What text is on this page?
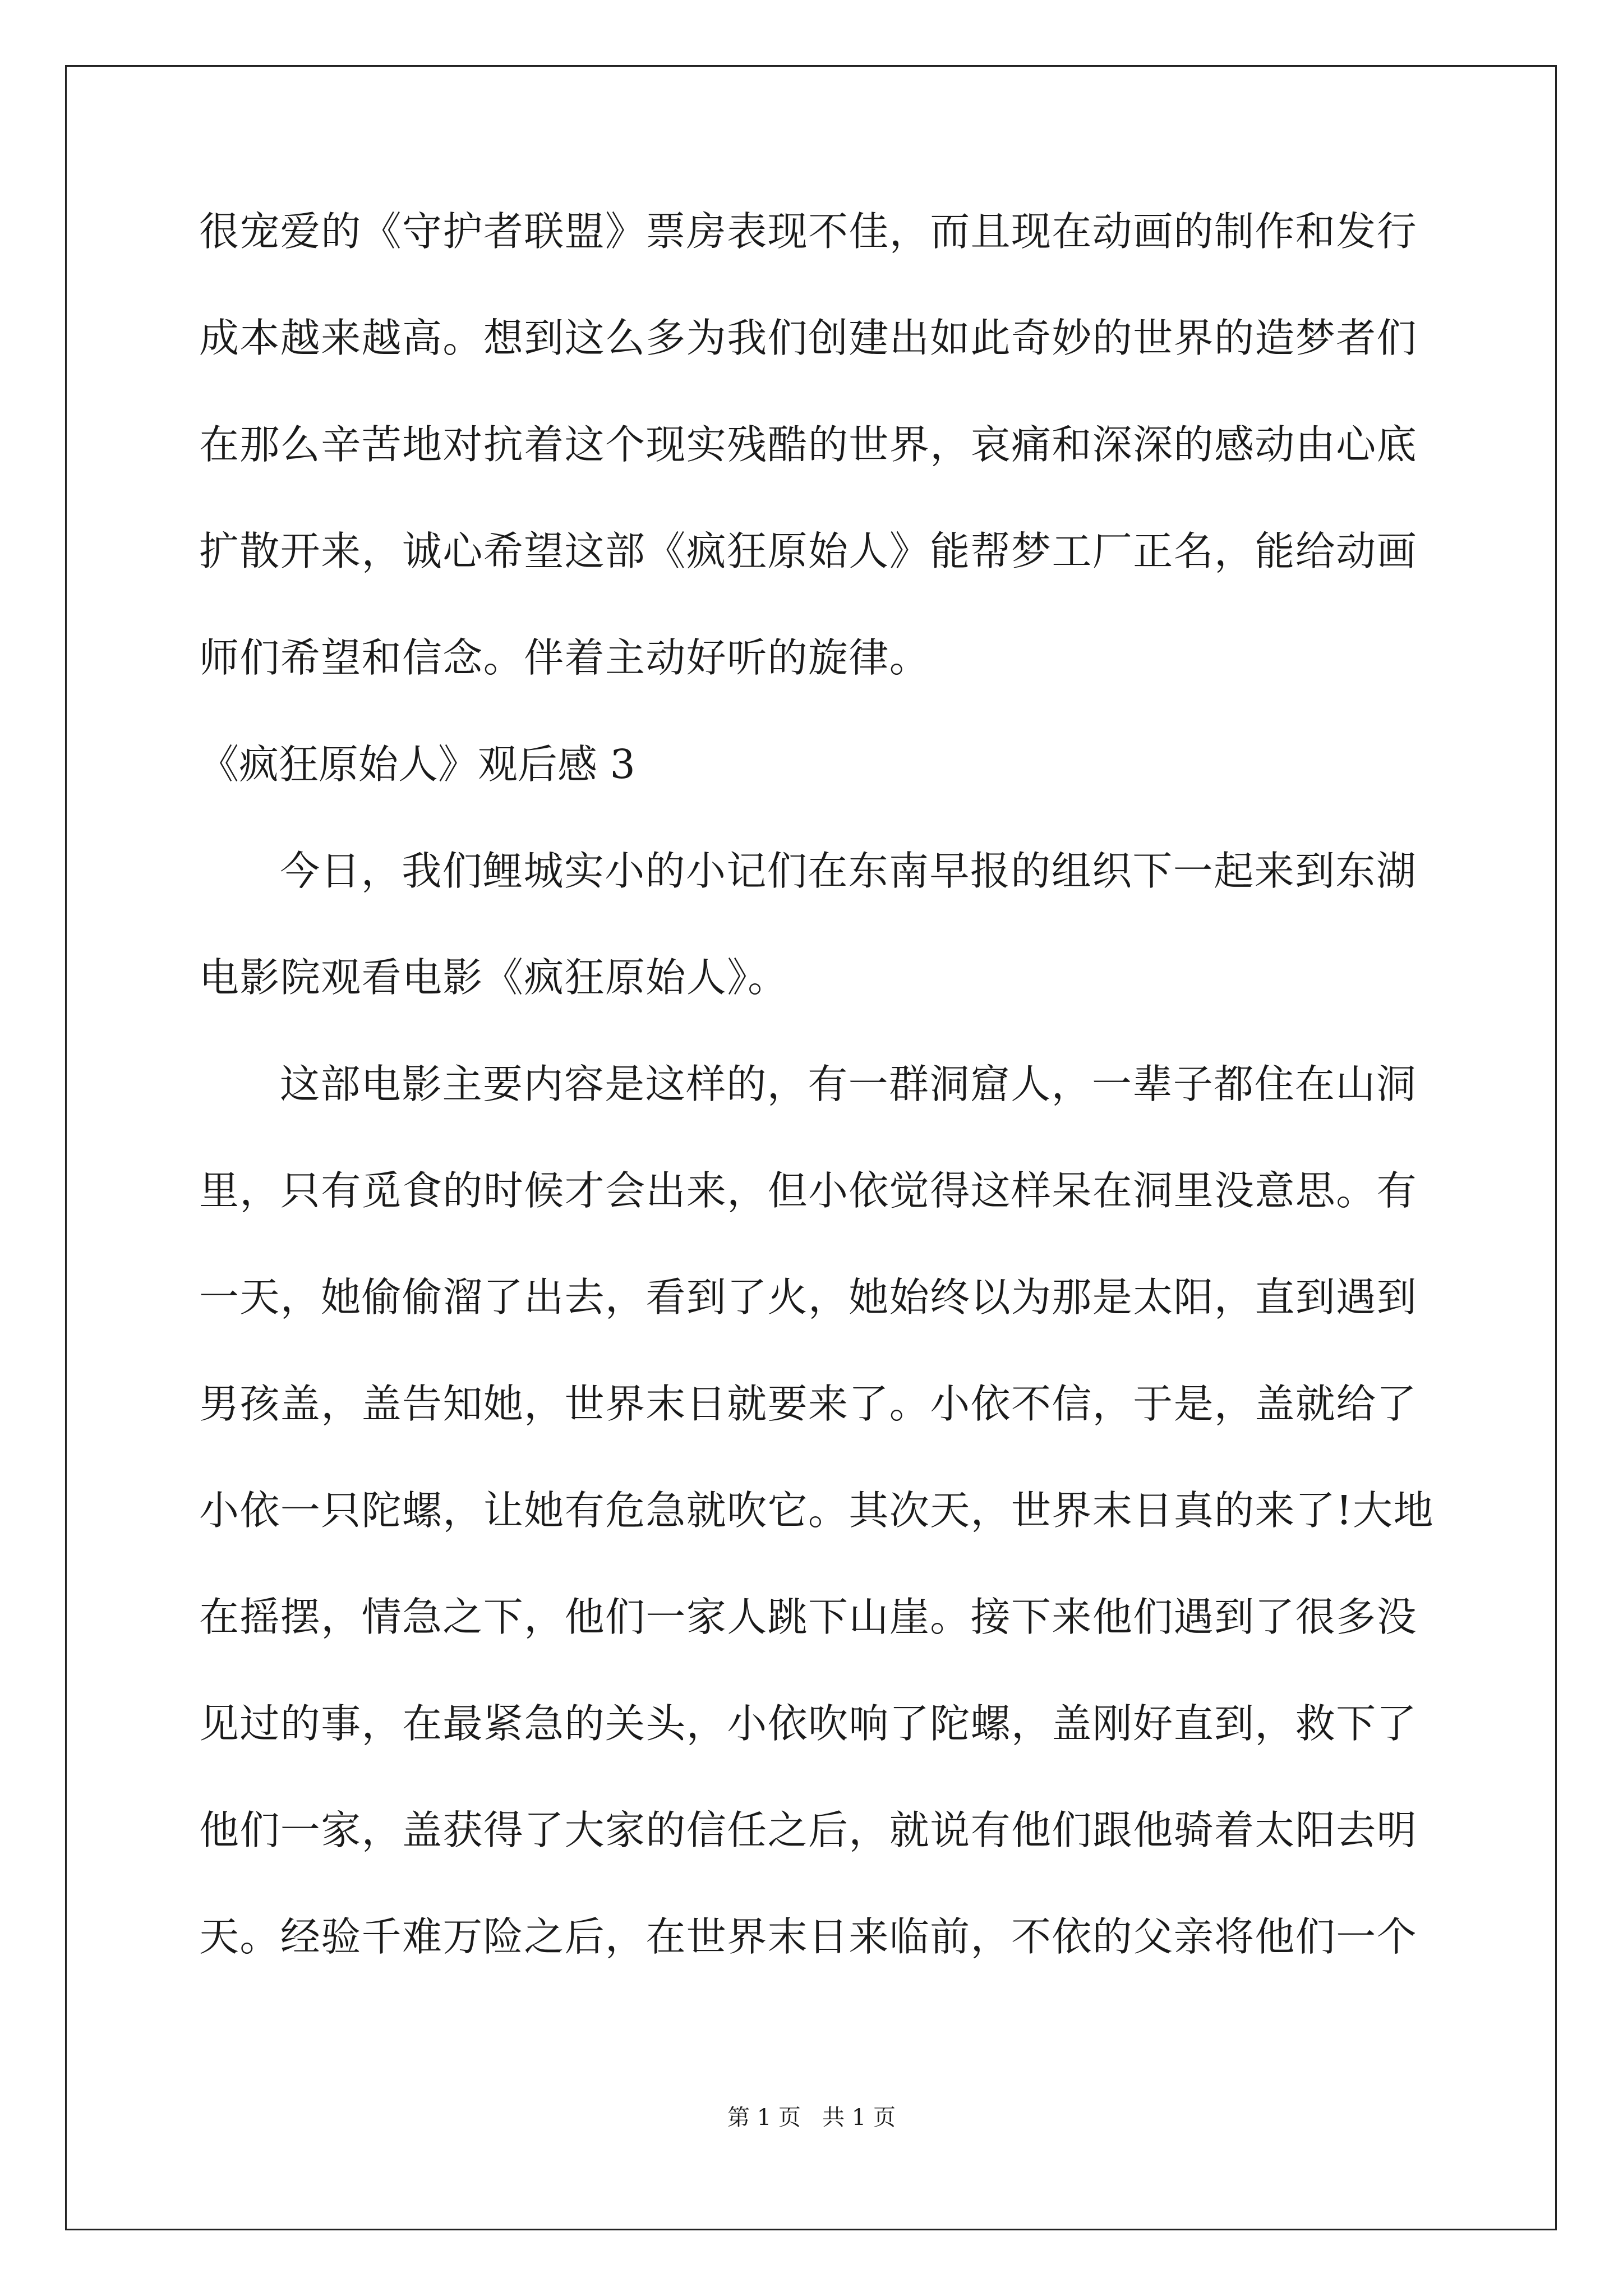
很宠爱的《守护者联盟》票房表现不佳，而且现在动画的制作和发行
成本越来越高。想到这么多为我们创建出如此奇妙的世界的造梦者们
在那么辛苦地对抗着这个现实残酷的世界，哀痛和深深的感动由心底
扩散开来，诚心希望这部《疯狂原始人》能帮梦工厂正名，能给动画
师们希望和信念。伴着主动好听的旋律。
《疯狂原始人》观后感 3
今日，我们鲤城实小的小记们在东南早报的组织下一起来到东湖
电影院观看电影《疯狂原始人》。
这部电影主要内容是这样的，有一群洞窟人，一辈子都住在山洞
里，只有觅食的时候才会出来，但小依觉得这样呆在洞里没意思。有
一天，她偷偷溜了出去，看到了火，她始终以为那是太阳，直到遇到
男孩盖，盖告知她，世界末日就要来了。小依不信，于是，盖就给了
小依一只陀螺，让她有危急就吹它。其次天，世界末日真的来了!大地
在摇摆，情急之下，他们一家人跳下山崖。接下来他们遇到了很多没
见过的事，在最紧急的关头，小依吹响了陀螺，盖刚好直到，救下了
他们一家，盖获得了大家的信任之后，就说有他们跟他骑着太阳去明
天。经验千难万险之后，在世界末日来临前，不依的父亲将他们一个
第 1 页   共 1 页
